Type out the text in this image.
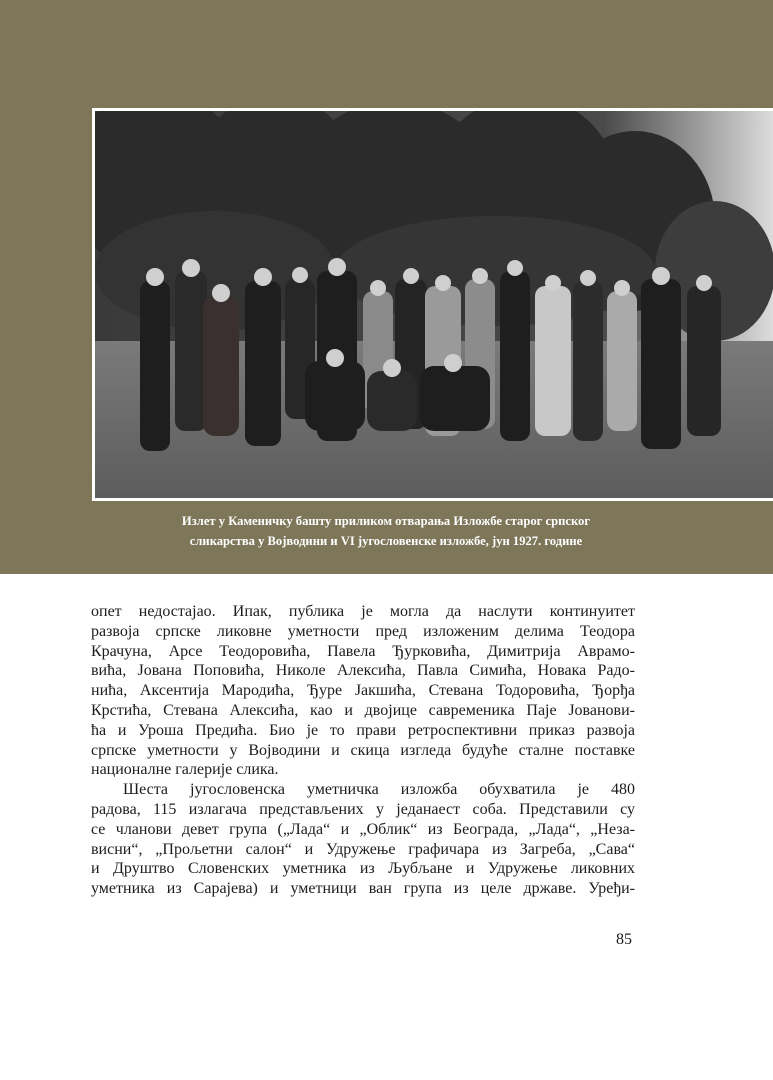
Излет у Каменичку башту приликом отварања Изложбе старог српског
сликарства у Војводини и VI југословенске изложбе, јун 1927. године
опет недостајао. Ипак, публика је могла да наслути континуитет
развоја српске ликовне уметности пред изложеним делима Теодора
Крачуна, Арсе Теодоровића, Павела Ђурковића, Димитрија Аврамо-
вића, Јована Поповића, Николе Алексића, Павла Симића, Новака Радо-
нића, Аксентија Мародића, Ђуре Јакшића, Стевана Тодоровића, Ђорђа
Крстића, Стевана Алексића, као и двојице савременика Паје Јованови-
ћа и Уроша Предића. Био је то прави ретроспективни приказ развоја
српске уметности у Војводини и скица изгледа будуће сталне поставке
националне галерије слика.
Шеста југословенска уметничка изложба обухватила је 480
радова, 115 излагача представљених у једанаест соба. Представили су
се чланови девет група („Лада“ и „Облик“ из Београда, „Лада“, „Неза-
висни“, „Прољетни салон“ и Удружење графичара из Загреба, „Сава“
и Друштво Словенских уметника из Љубљане и Удружење ликовних
уметника из Сарајева) и уметници ван група из целе државе. Уређи-
85
